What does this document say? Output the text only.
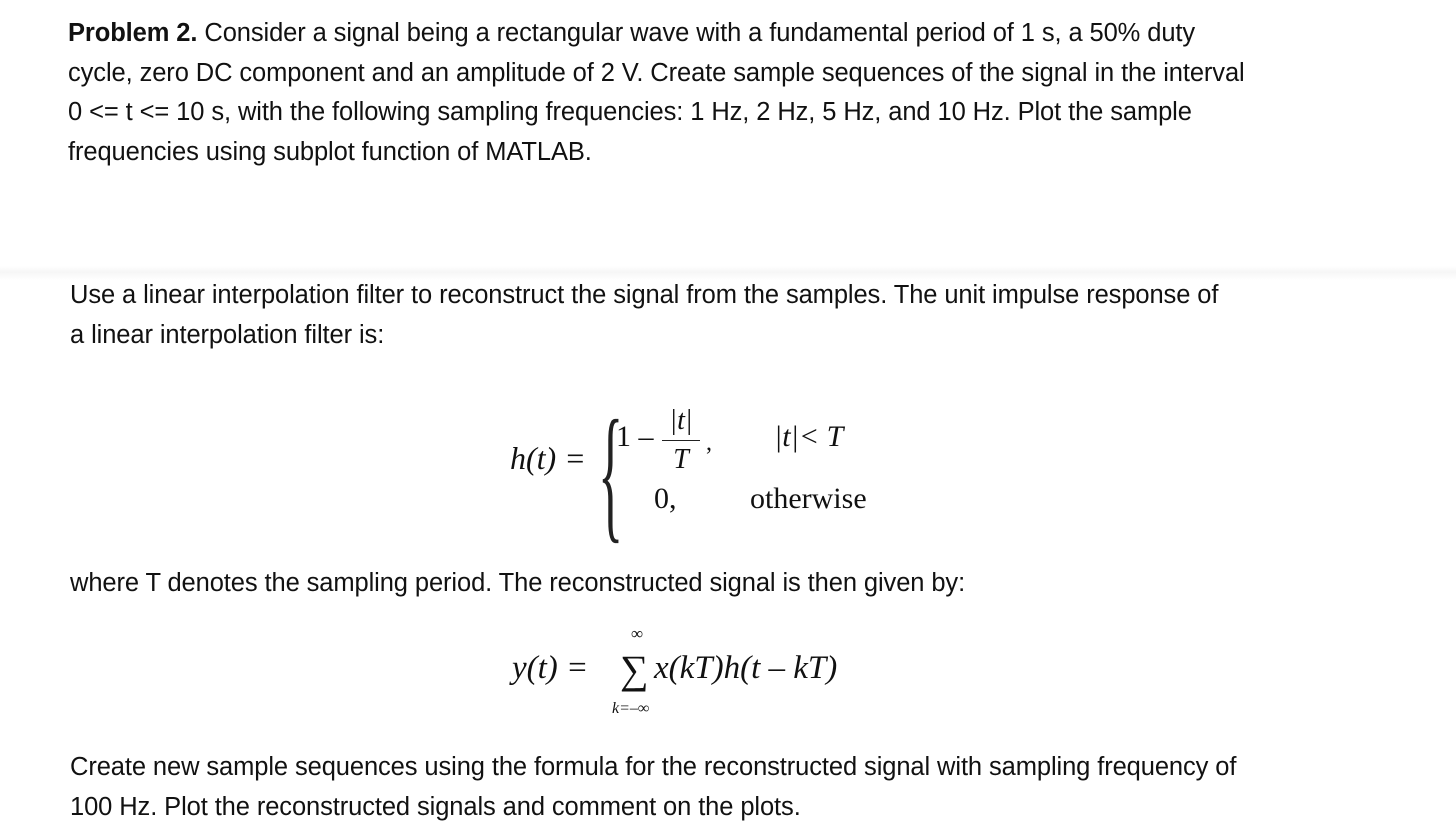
Problem 2. Consider a signal being a rectangular wave with a fundamental period of 1 s, a 50% duty
cycle, zero DC component and an amplitude of 2 V. Create sample sequences of the signal in the interval
0 <= t <= 10 s, with the following sampling frequencies: 1 Hz, 2 Hz, 5 Hz, and 10 Hz. Plot the sample
frequencies using subplot function of MATLAB.

Use a linear interpolation filter to reconstruct the signal from the samples. The unit impulse response of
a linear interpolation filter is:

h(t) = {
1 – |t|
T
, |t|< T
0, otherwise

where T denotes the sampling period. The reconstructed signal is then given by:

y(t) =
∞
∑
k=–∞
x(kT)h(t – kT)

Create new sample sequences using the formula for the reconstructed signal with sampling frequency of
100 Hz. Plot the reconstructed signals and comment on the plots.
